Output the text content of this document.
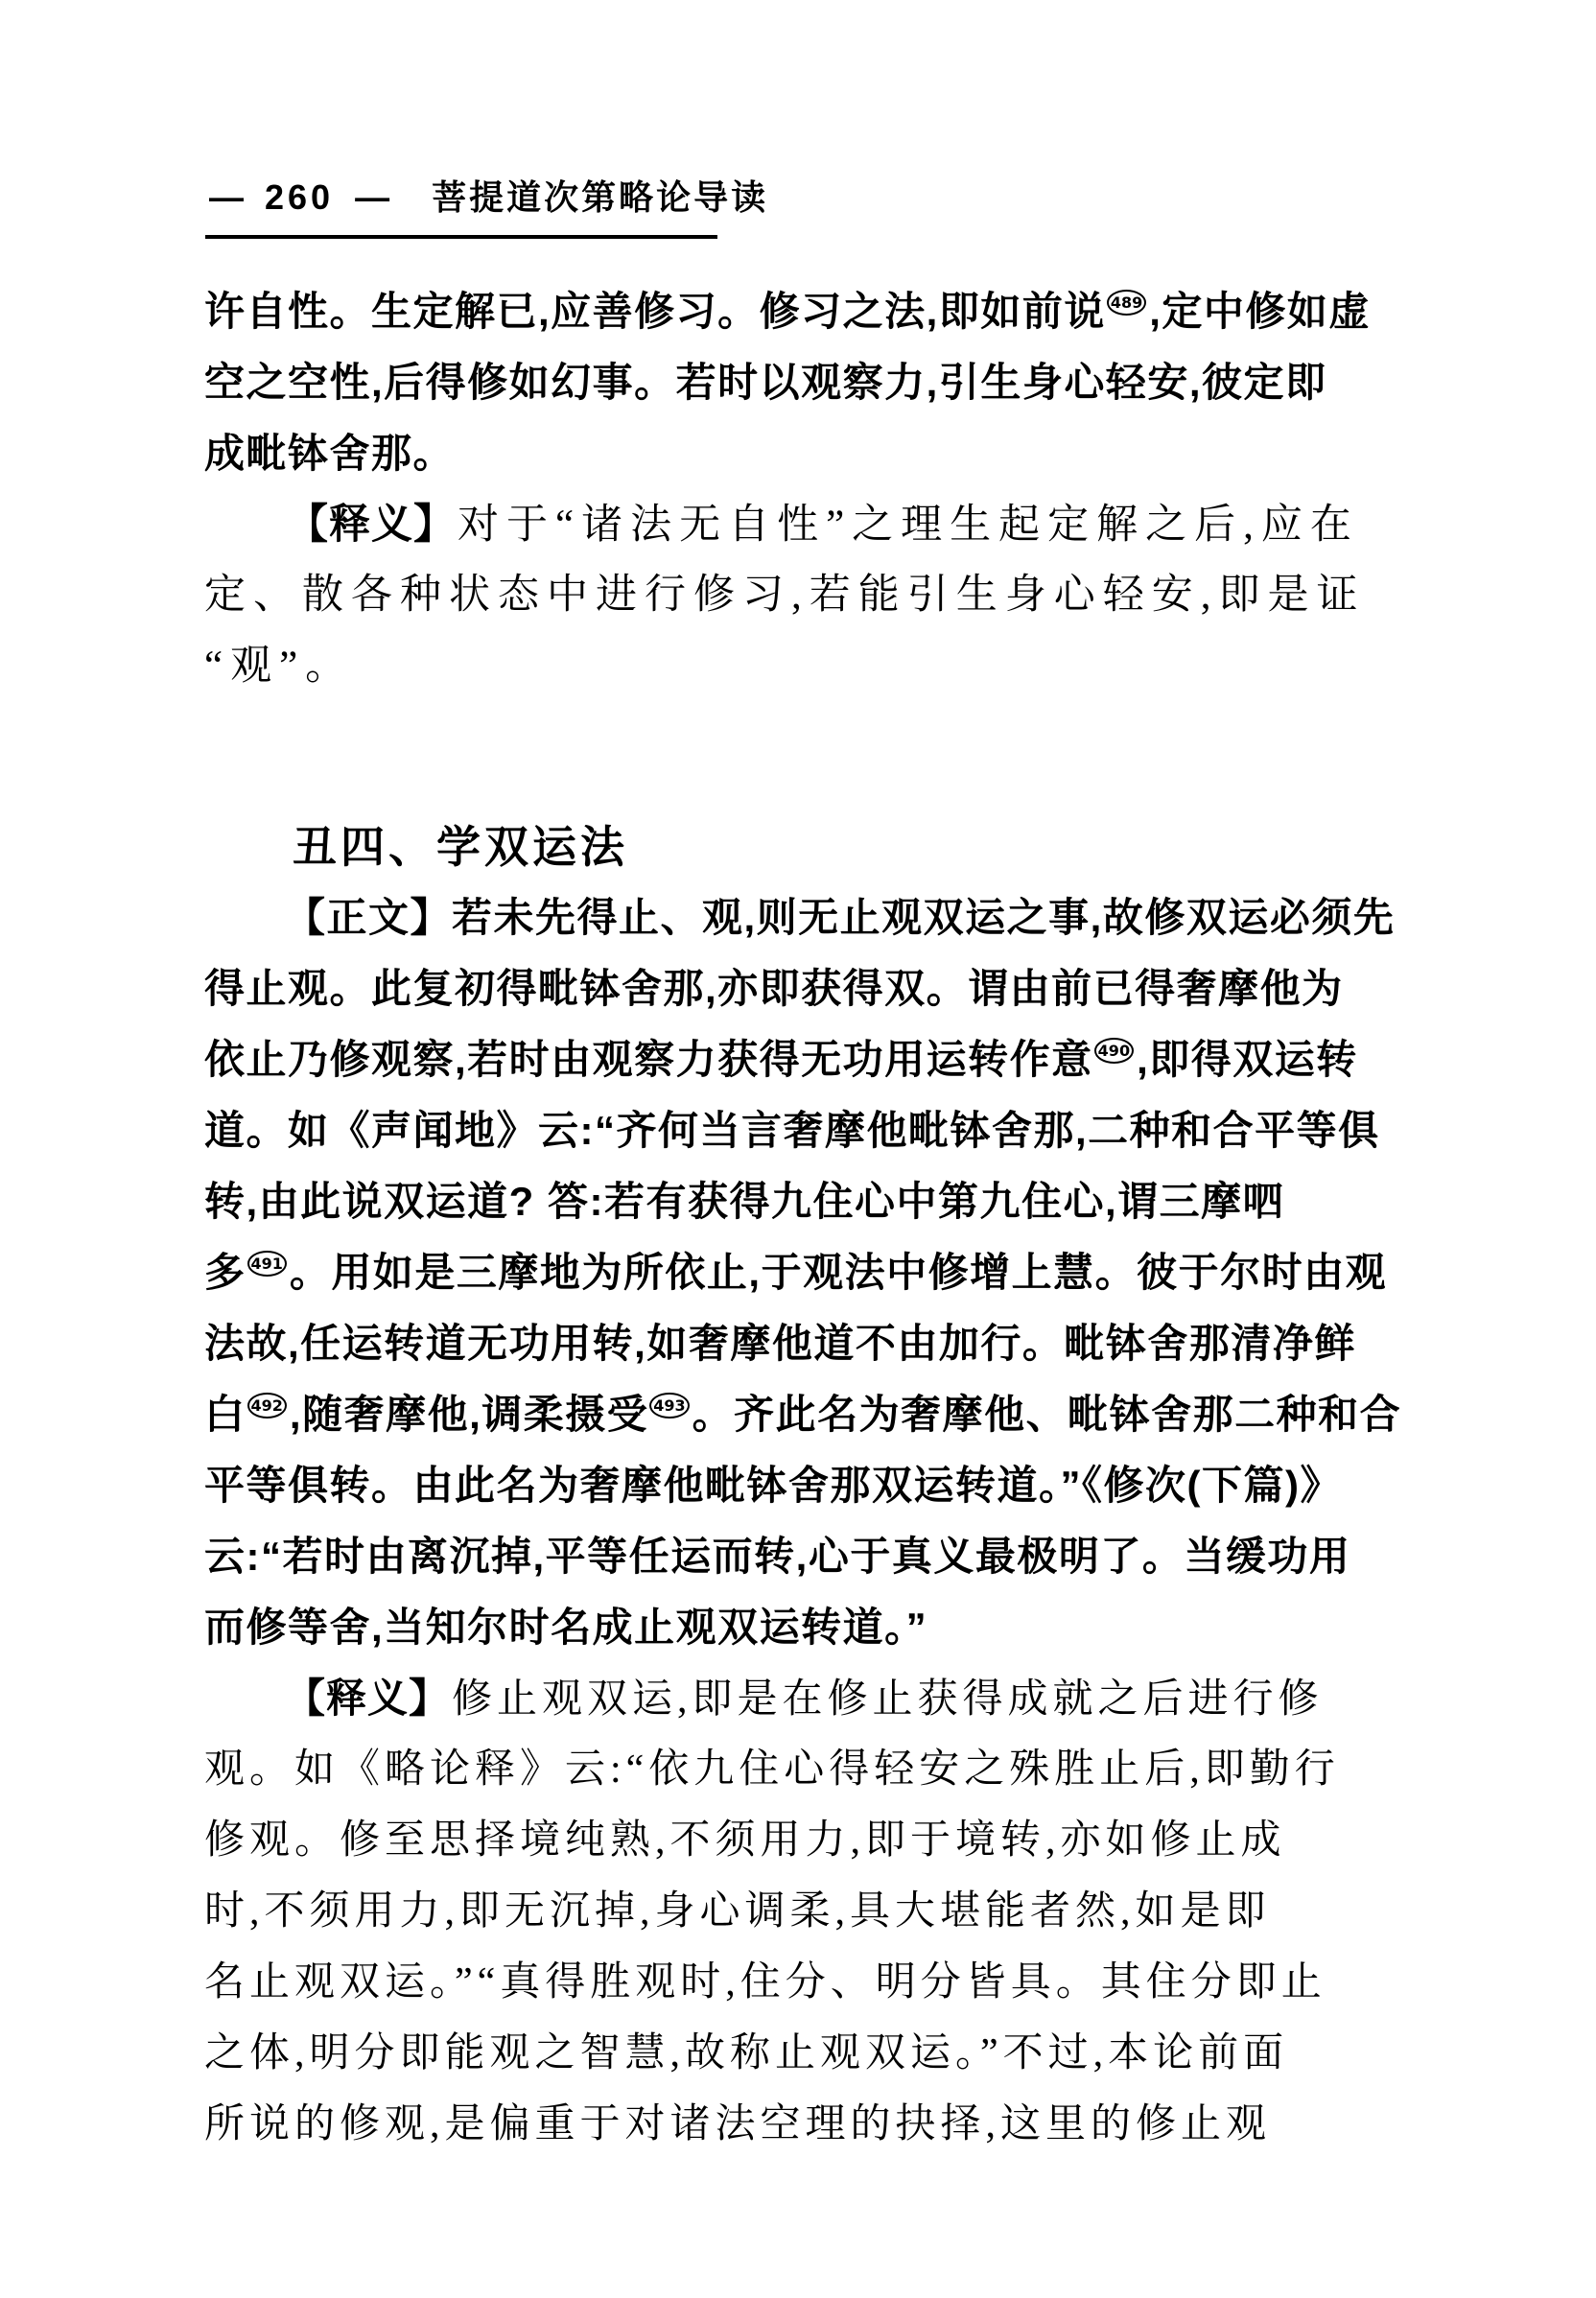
— 260 — 菩提道次第略论导读
许自性。生定解已,应善修习。修习之法,即如前说 489 ,定中修如虚
空之空性,后得修如幻事。若时以观察力,引生身心轻安,彼定即
成毗钵舍那。
【释义】对于“诸法无自性”之理生起定解之后,应在
定、散各种状态中进行修习,若能引生身心轻安,即是证
“观”。
丑四、学双运法
【正文】若未先得止、观,则无止观双运之事,故修双运必须先
得止观。此复初得毗钵舍那,亦即获得双。谓由前已得奢摩他为
依止乃修观察,若时由观察力获得无功用运转作意 490 ,即得双运转
道。如《声闻地》云:“齐何当言奢摩他毗钵舍那,二种和合平等俱
转,由此说双运道? 答:若有获得九住心中第九住心,谓三摩呬
多 491 。用如是三摩地为所依止,于观法中修增上慧。彼于尔时由观
法故,任运转道无功用转,如奢摩他道不由加行。毗钵舍那清净鲜
白 492 ,随奢摩他,调柔摄受 493 。齐此名为奢摩他、毗钵舍那二种和合
平等俱转。由此名为奢摩他毗钵舍那双运转道。”《修次(下篇)》
云:“若时由离沉掉,平等任运而转,心于真义最极明了。当缓功用
而修等舍,当知尔时名成止观双运转道。”
【释义】修止观双运,即是在修止获得成就之后进行修
观。如《略论释》云:“依九住心得轻安之殊胜止后,即勤行
修观。修至思择境纯熟,不须用力,即于境转,亦如修止成
时,不须用力,即无沉掉,身心调柔,具大堪能者然,如是即
名止观双运。”“真得胜观时,住分、明分皆具。其住分即止
之体,明分即能观之智慧,故称止观双运。”不过,本论前面
所说的修观,是偏重于对诸法空理的抉择,这里的修止观
